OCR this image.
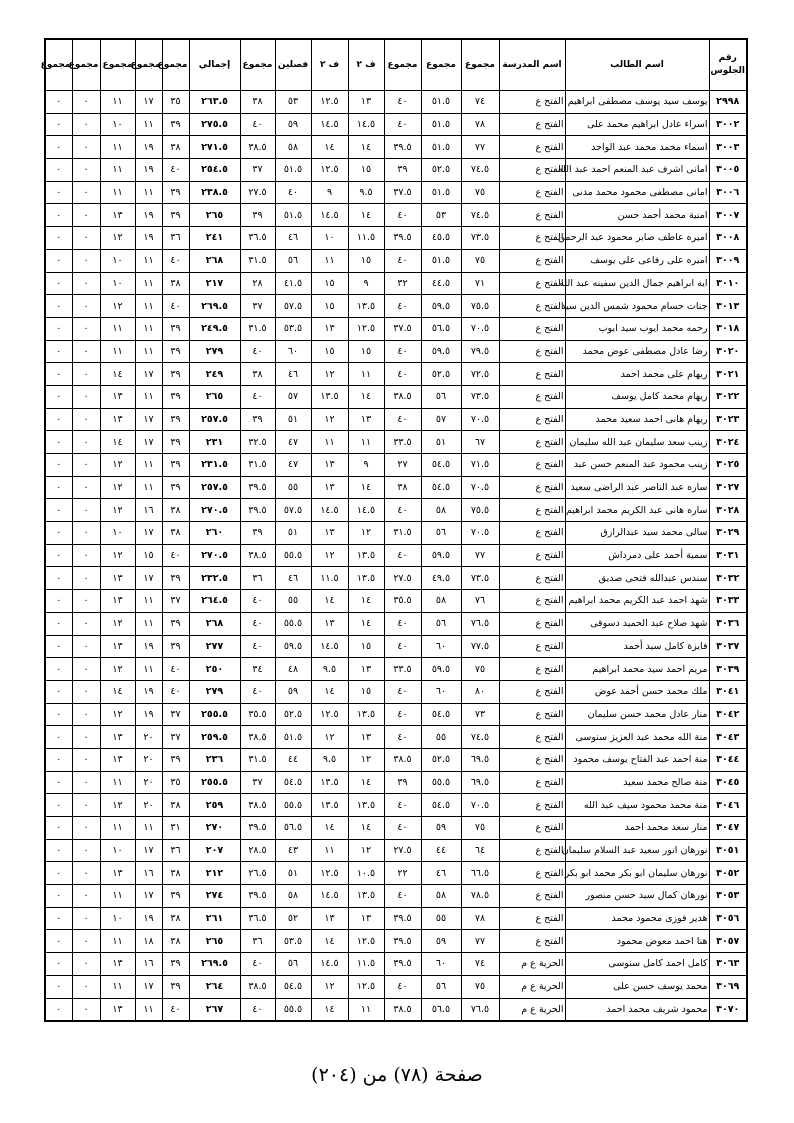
رقم الجلوس	اسم الطالب	اسم المدرسة	مجموع	مجموع	مجموع	ف ٢	ف ٢	فصلين	مجموع	إجمالي	مجموع	مجموع	مجموع	مجموع	مجموع
٢٩٩٨	يوسف سيد يوسف مصطفى ابراهيم	الفتح ع	٧٤	٥١.٥	٤٠	١٣	١٢.٥	٥٣	٣٨	٢٦٣.٥	٣٥	١٧	١١	٠	٠
٣٠٠٢	اسراء عادل ابراهيم محمد على	الفتح ع	٧٨	٥١.٥	٤٠	١٤.٥	١٤.٥	٥٩	٤٠	٢٧٥.٥	٣٩	١١	١٠	٠	٠
٣٠٠٣	اسماء محمد محمد عبد الواحد	الفتح ع	٧٧	٥١.٥	٣٩.٥	١٤	١٤	٥٨	٣٨.٥	٢٧١.٥	٣٨	١٩	١١	٠	٠
٣٠٠٥	امانى اشرف عبد المنعم احمد عبد الله	الفتح ع	٧٤.٥	٥٢.٥	٣٩	١٥	١٢.٥	٥١.٥	٣٧	٢٥٤.٥	٤٠	١٩	١١	٠	٠
٣٠٠٦	امانى مصطفى محمود محمد مدنى	الفتح ع	٧٥	٥١.٥	٣٧.٥	٩.٥	٩	٤٠	٢٧.٥	٢٣٨.٥	٣٩	١١	١١	٠	٠
٣٠٠٧	امنية محمد أحمد حسن	الفتح ع	٧٤.٥	٥٣	٤٠	١٤	١٤.٥	٥١.٥	٣٩	٢٦٥	٣٩	١٩	١٣	٠	٠
٣٠٠٨	اميره عاطف صابر محمود عبد الرحمن	الفتح ع	٧٣.٥	٤٥.٥	٣٩.٥	١١.٥	١٠	٤٦	٣٦.٥	٢٤١	٣٦	١٩	١٢	٠	٠
٣٠٠٩	اميره على رفاعى على يوسف	الفتح ع	٧٥	٥١.٥	٤٠	١٥	١١	٥٦	٣١.٥	٢٦٨	٤٠	١١	١٠	٠	٠
٣٠١٠	ايه ابراهيم جمال الدين سفينه عبد الله	الفتح ع	٧١	٤٤.٥	٣٢	٩	١٥	٤١.٥	٢٨	٢١٧	٣٨	١١	١٠	٠	٠
٣٠١٣	جنات حسام محمود شمس الدين سيد	الفتح ع	٧٥.٥	٥٩.٥	٤٠	١٣.٥	١٥	٥٧.٥	٣٧	٢٦٩.٥	٤٠	١١	١٢	٠	٠
٣٠١٨	رحمه محمد ايوب سيد ايوب	الفتح ع	٧٠.٥	٥٦.٥	٣٧.٥	١٢.٥	١٣	٥٣.٥	٣١.٥	٢٤٩.٥	٣٩	١١	١١	٠	٠
٣٠٢٠	رضا عادل مصطفى عوض محمد	الفتح ع	٧٩.٥	٥٩.٥	٤٠	١٥	١٥	٦٠	٤٠	٢٧٩	٣٩	١١	١١	٠	٠
٣٠٢١	ريهام على محمد احمد	الفتح ع	٧٢.٥	٥٢.٥	٤٠	١١	١٢	٤٦	٣٨	٢٤٩	٣٩	١٧	١٤	٠	٠
٣٠٢٢	ريهام محمد كامل يوسف	الفتح ع	٧٣.٥	٥٦	٣٨.٥	١٤	١٣.٥	٥٧	٤٠	٢٦٥	٣٩	١١	١٣	٠	٠
٣٠٢٣	ريهام هانى احمد سعيد محمد	الفتح ع	٧٠.٥	٥٧	٤٠	١٣	١٢	٥١	٣٩	٢٥٧.٥	٣٩	١٧	١٣	٠	٠
٣٠٢٤	زينب سعد سليمان عبد الله سليمان	الفتح ع	٦٧	٥١	٣٣.٥	١١	١١	٤٧	٣٢.٥	٢٣١	٣٩	١٧	١٤	٠	٠
٣٠٢٥	زينب محمود عبد المنعم حسن عبد	الفتح ع	٧١.٥	٥٤.٥	٢٧	٩	١٣	٤٧	٣١.٥	٢٣١.٥	٣٩	١١	١٢	٠	٠
٣٠٢٧	ساره عبد الناصر عبد الراضى سعيد	الفتح ع	٧٠.٥	٥٤.٥	٣٨	١٤	١٣	٥٥	٣٩.٥	٢٥٧.٥	٣٩	١١	١٢	٠	٠
٣٠٢٨	ساره هانى عبد الكريم محمد ابراهيم	الفتح ع	٧٥.٥	٥٨	٤٠	١٤.٥	١٤.٥	٥٧.٥	٣٩.٥	٢٧٠.٥	٣٨	١٦	١٢	٠	٠
٣٠٢٩	سالى محمد سيد عبدالرازق	الفتح ع	٧٠.٥	٥٦	٣١.٥	١٢	١٣	٥١	٣٩	٢٦٠	٣٨	١٧	١٠	٠	٠
٣٠٣١	سمية أحمد على دمرداش	الفتح ع	٧٧	٥٩.٥	٤٠	١٣.٥	١٢	٥٥.٥	٣٨.٥	٢٧٠.٥	٤٠	١٥	١٢	٠	٠
٣٠٣٢	سندس عبدالله فتحى صديق	الفتح ع	٧٣.٥	٤٩.٥	٢٧.٥	١٣.٥	١١.٥	٤٦	٣٦	٢٣٢.٥	٣٩	١٧	١٣	٠	٠
٣٠٣٣	شهد احمد عبد الكريم محمد ابراهيم	الفتح ع	٧٦	٥٨	٣٥.٥	١٤	١٤	٥٥	٤٠	٢٦٤.٥	٣٧	١١	١٣	٠	٠
٣٠٣٦	شهد صلاح عبد الحميد دسوقى	الفتح ع	٧٦.٥	٥٦	٤٠	١٤	١٣	٥٥.٥	٤٠	٢٦٨	٣٩	١١	١٢	٠	٠
٣٠٣٧	فايزة كامل سيد أحمد	الفتح ع	٧٧.٥	٦٠	٤٠	١٥	١٤.٥	٥٩.٥	٤٠	٢٧٧	٣٩	١٩	١٣	٠	٠
٣٠٣٩	مريم احمد سيد محمد ابراهيم	الفتح ع	٧٥	٥٩.٥	٣٣.٥	١٣	٩.٥	٤٨	٣٤	٢٥٠	٤٠	١١	١٢	٠	٠
٣٠٤١	ملك محمد حسن أحمد عوض	الفتح ع	٨٠	٦٠	٤٠	١٥	١٤	٥٩	٤٠	٢٧٩	٤٠	١٩	١٤	٠	٠
٣٠٤٢	منار عادل محمد حسن سليمان	الفتح ع	٧٣	٥٤.٥	٤٠	١٣.٥	١٢.٥	٥٢.٥	٣٥.٥	٢٥٥.٥	٣٧	١٩	١٢	٠	٠
٣٠٤٣	منة الله محمد عبد العزيز سنوسى	الفتح ع	٧٤.٥	٥٥	٤٠	١٣	١٢	٥١.٥	٣٨.٥	٢٥٩.٥	٣٧	٢٠	١٣	٠	٠
٣٠٤٤	منة احمد عبد الفتاح يوسف محمود	الفتح ع	٦٩.٥	٥٢.٥	٣٨.٥	١٢	٩.٥	٤٤	٣١.٥	٢٣٦	٣٩	٢٠	١٣	٠	٠
٣٠٤٥	منة صالح محمد سعيد	الفتح ع	٦٩.٥	٥٥.٥	٣٩	١٤	١٣.٥	٥٤.٥	٣٧	٢٥٥.٥	٣٥	٢٠	١١	٠	٠
٣٠٤٦	منة محمد محمود سيف عبد الله	الفتح ع	٧٠.٥	٥٤.٥	٤٠	١٣.٥	١٣.٥	٥٥.٥	٣٨.٥	٢٥٩	٣٨	٢٠	١٢	٠	٠
٣٠٤٧	منار سعد محمد احمد	الفتح ع	٧٥	٥٩	٤٠	١٤	١٤	٥٦.٥	٣٩.٥	٢٧٠	٣١	١١	١١	٠	٠
٣٠٥١	نورهان انور سعيد عبد السلام سليمان	الفتح ع	٦٤	٤٤	٢٧.٥	١٢	١١	٤٣	٢٨.٥	٢٠٧	٣٦	١٧	١٠	٠	٠
٣٠٥٢	نورهان سليمان ابو بكر محمد ابو بكر	الفتح ع	٦٦.٥	٤٦	٢٢	١٠.٥	١٢.٥	٥١	٢٦.٥	٢١٢	٣٨	١٦	١٣	٠	٠
٣٠٥٣	نورهان كمال سيد حسن منصور	الفتح ع	٧٨.٥	٥٨	٤٠	١٣.٥	١٤.٥	٥٨	٣٩.٥	٢٧٤	٣٩	١٧	١١	٠	٠
٣٠٥٦	هدير فوزى محمود محمد	الفتح ع	٧٨	٥٥	٣٩.٥	١٣	١٣	٥٢	٣٦.٥	٢٦١	٣٨	١٩	١٠	٠	٠
٣٠٥٧	هنا احمد معوض محمود	الفتح ع	٧٧	٥٩	٣٩.٥	١٢.٥	١٤	٥٣.٥	٣٦	٢٦٥	٣٨	١٨	١١	٠	٠
٣٠٦٣	كامل احمد كامل سنوسى	الحرية ع م	٧٤	٦٠	٣٩.٥	١١.٥	١٤.٥	٥٦	٤٠	٢٦٩.٥	٣٩	١٦	١٣	٠	٠
٣٠٦٩	محمد يوسف حسن على	الحرية ع م	٧٥	٥٦	٤٠	١٢.٥	١٢	٥٤.٥	٣٨.٥	٢٦٤	٣٩	١٧	١١	٠	٠
٣٠٧٠	محمود شريف محمد احمد	الحرية ع م	٧٦.٥	٥٦.٥	٣٨.٥	١١	١٤	٥٥.٥	٤٠	٢٦٧	٤٠	١١	١٣	٠	٠
صفحة (٧٨) من (٢٠٤)
